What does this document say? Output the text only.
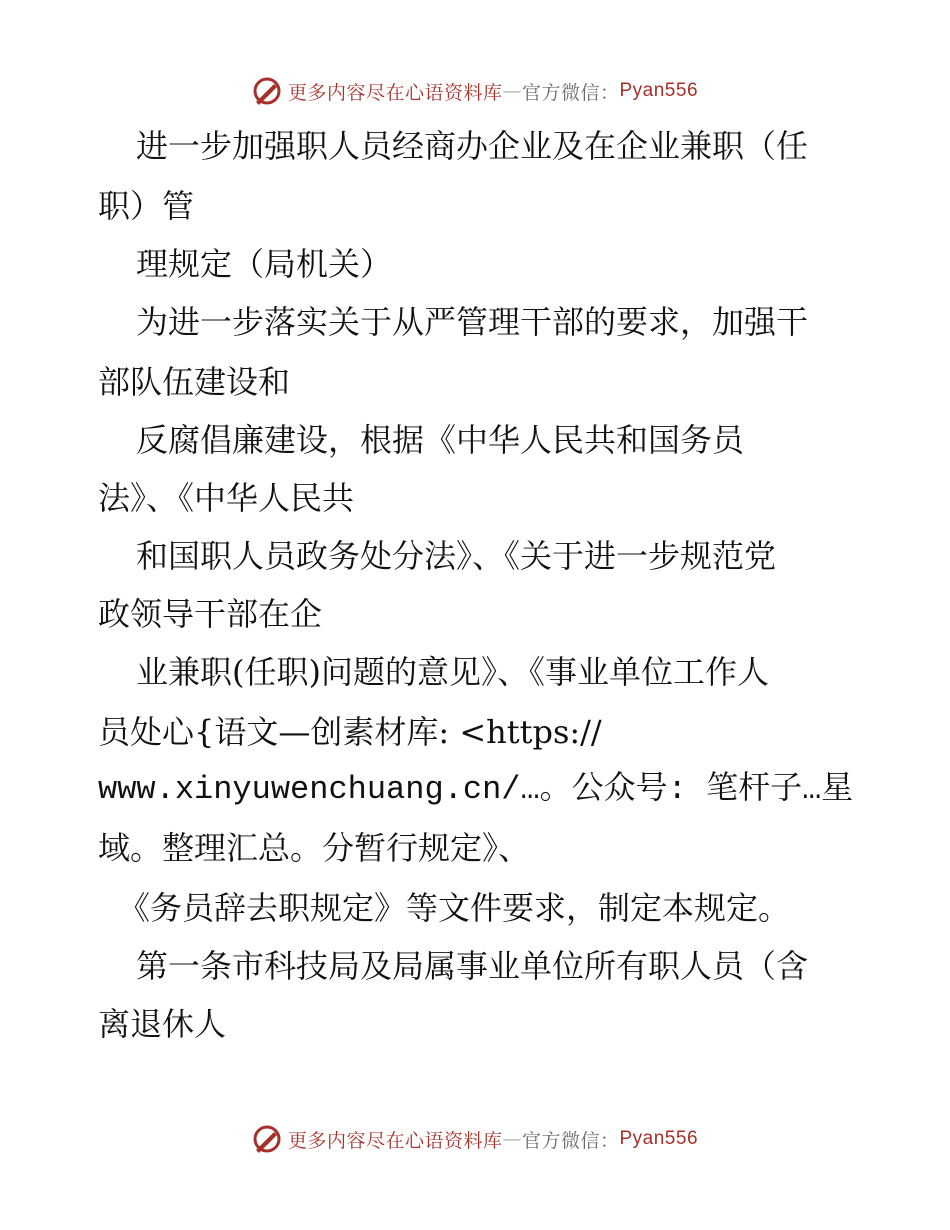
更多内容尽在心语资料库 — 官方微信： Pyan556
进一步加强职人员经商办企业及在企业兼职（任
职）管
理规定（局机关）
为进一步落实关于从严管理干部的要求，加强干
部队伍建设和
反腐倡廉建设，根据《中华人民共和国务员
法》、《中华人民共
和国职人员政务处分法》、《关于进一步规范党
政领导干部在企
业兼职(任职)问题的意见》、《事业单位工作人
员处心{语文—创素材库: <https://
www.xinyuwenchuang.cn/…。公众号: 笔杆子…星
域。整理汇总。分暂行规定》、
《务员辞去职规定》等文件要求，制定本规定。
第一条市科技局及局属事业单位所有职人员（含
离退休人
更多内容尽在心语资料库 — 官方微信： Pyan556
